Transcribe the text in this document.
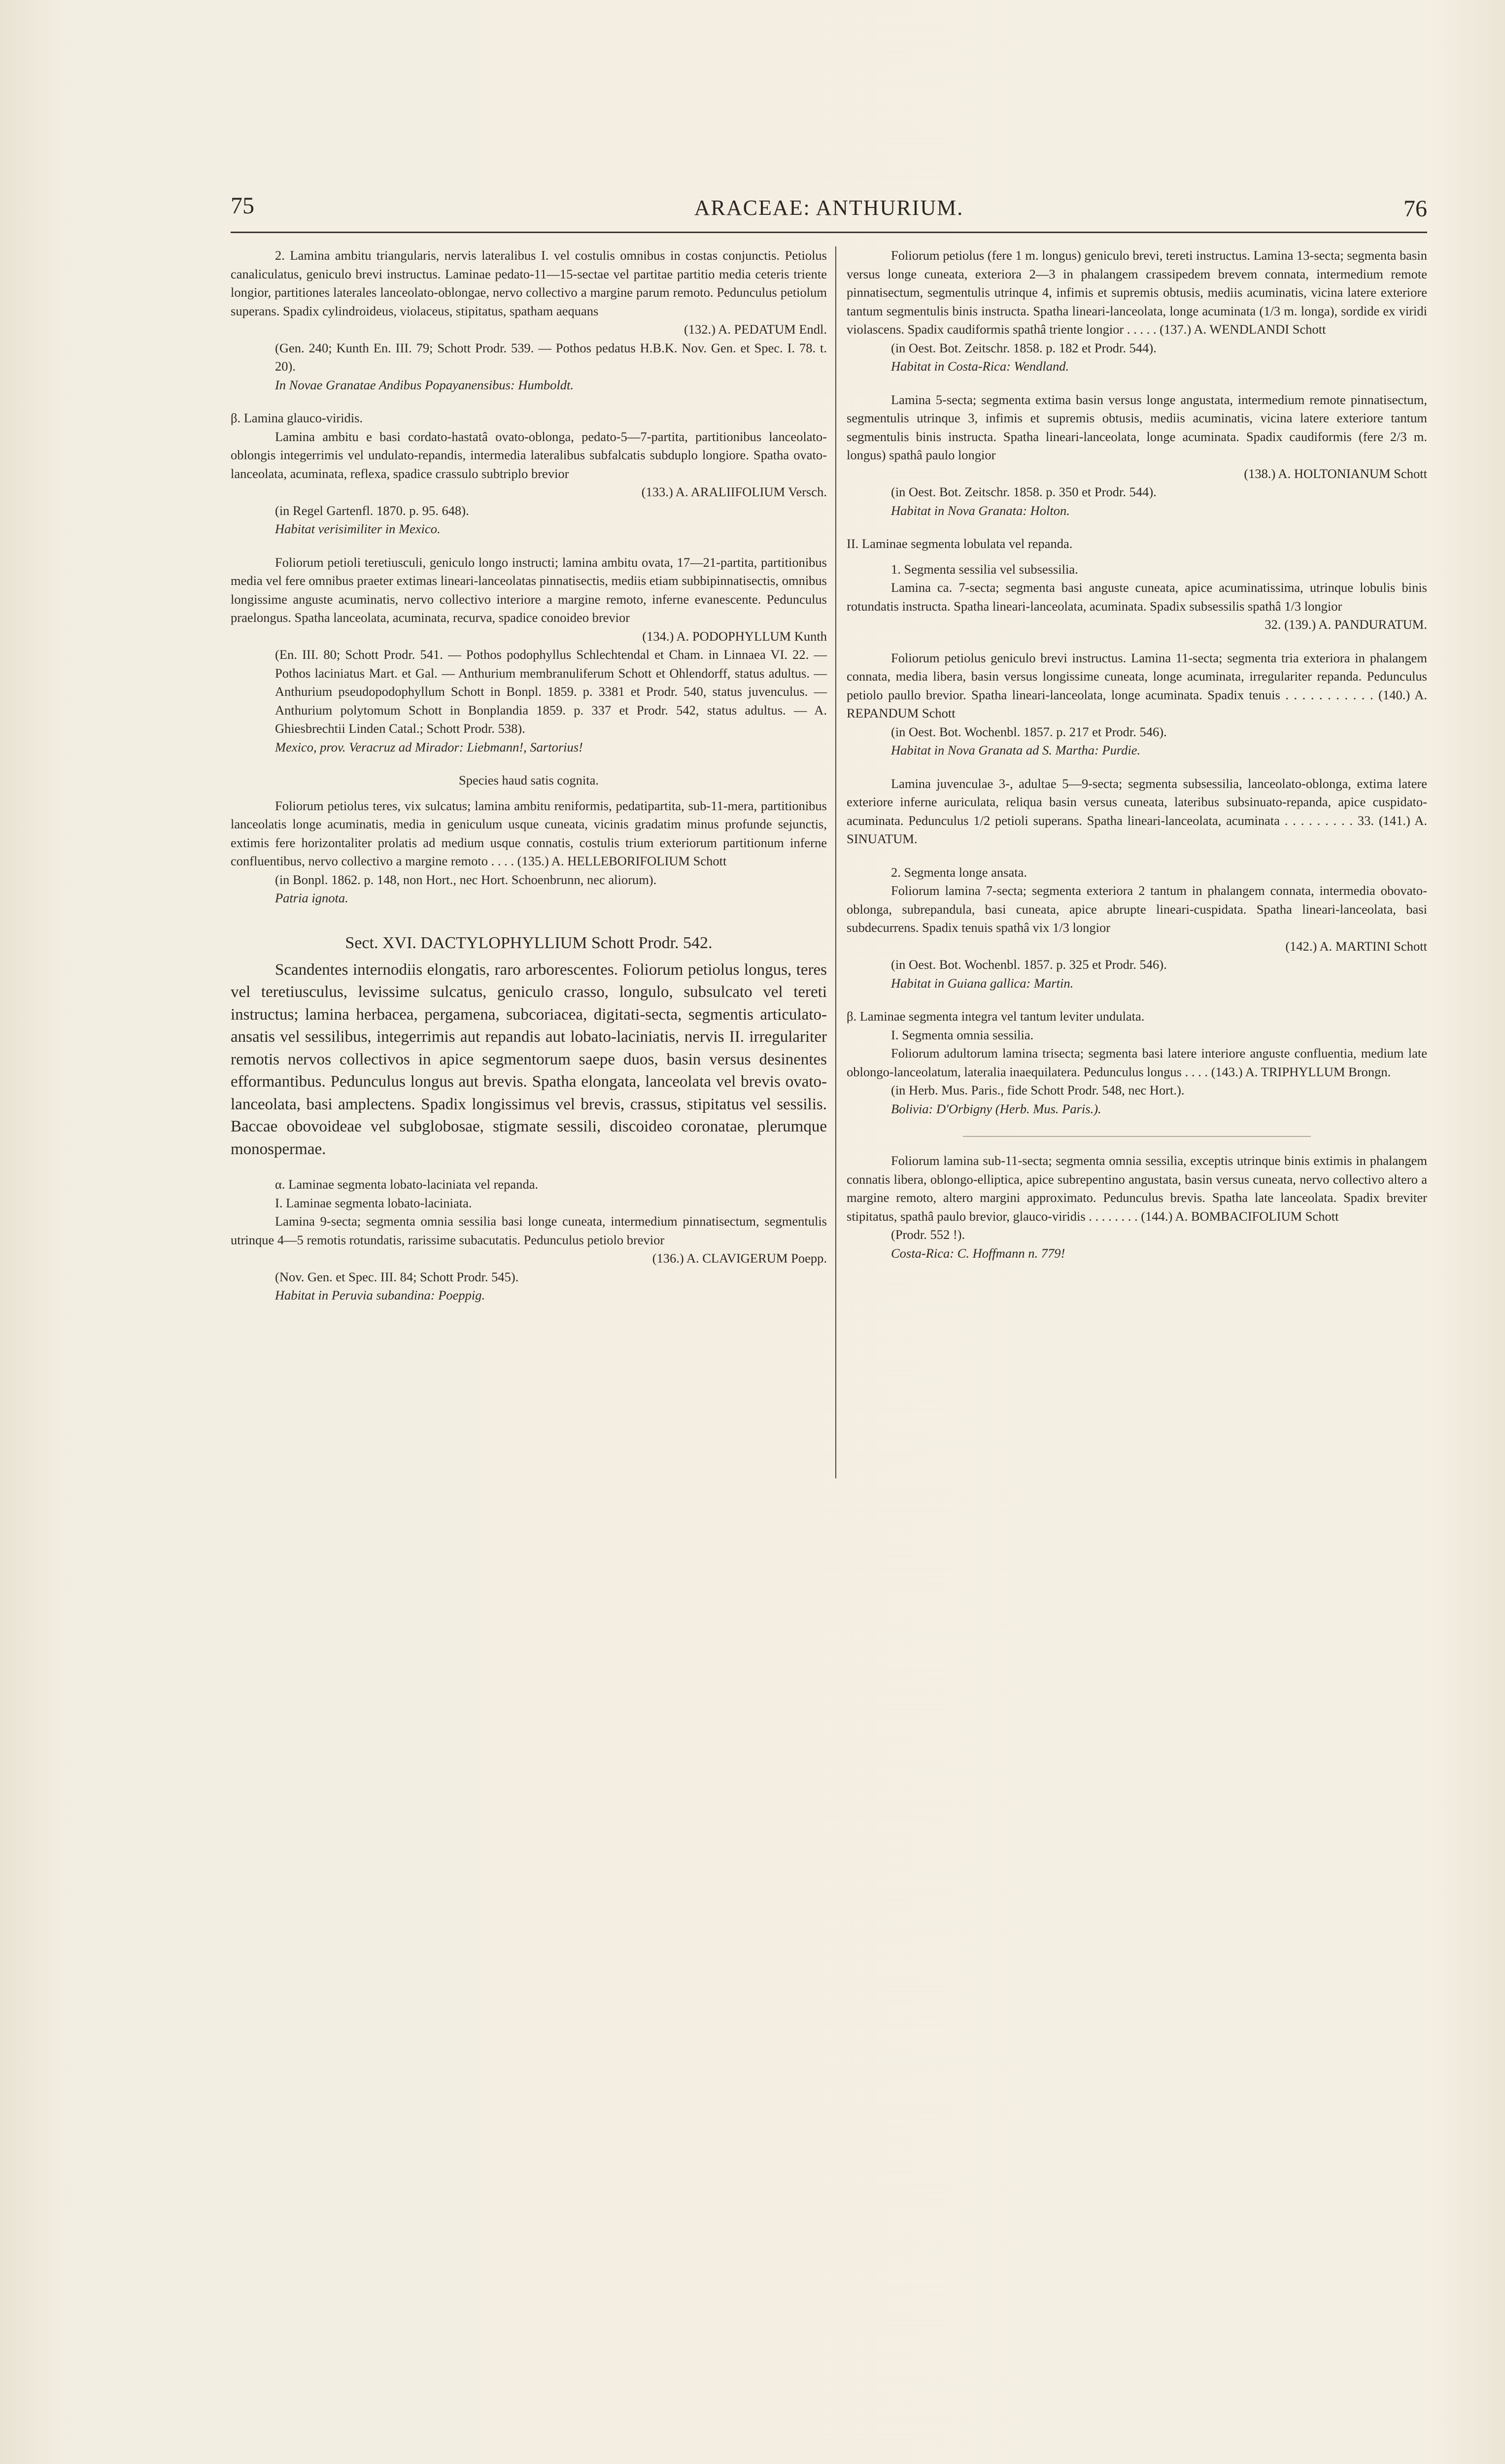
75	ARACEAE: ANTHURIUM.	76

2. Lamina ambitu triangularis, nervis lateralibus I. vel costulis omnibus in costas conjunctis. Petiolus canaliculatus, geniculo brevi instructus. Laminae pedato-11—15-sectae vel partitae partitio media ceteris triente longior, partitiones laterales lanceolato-oblongae, nervo collectivo a margine parum remoto. Pedunculus petiolum superans. Spadix cylindroideus, violaceus, stipitatus, spatham aequans

(132.) A. PEDATUM Endl.

(Gen. 240; Kunth En. III. 79; Schott Prodr. 539. — Pothos pedatus H.B.K. Nov. Gen. et Spec. I. 78. t. 20).

In Novae Granatae Andibus Popayanensibus: Humboldt.

β. Lamina glauco-viridis.

Lamina ambitu e basi cordato-hastatâ ovato-oblonga, pedato-5—7-partita, partitionibus lanceolato-oblongis integerrimis vel undulato-repandis, intermedia lateralibus subfalcatis subduplo longiore. Spatha ovato-lanceolata, acuminata, reflexa, spadice crassulo subtriplo brevior

(133.) A. ARALIIFOLIUM Versch.

(in Regel Gartenfl. 1870. p. 95. 648).

Habitat verisimiliter in Mexico.

Foliorum petioli teretiusculi, geniculo longo instructi; lamina ambitu ovata, 17—21-partita, partitionibus media vel fere omnibus praeter extimas lineari-lanceolatas pinnatisectis, mediis etiam subbipinnatisectis, omnibus longissime anguste acuminatis, nervo collectivo interiore a margine remoto, inferne evanescente. Pedunculus praelongus. Spatha lanceolata, acuminata, recurva, spadice conoideo brevior

(134.) A. PODOPHYLLUM Kunth

(En. III. 80; Schott Prodr. 541. — Pothos podophyllus Schlechtendal et Cham. in Linnaea VI. 22. — Pothos laciniatus Mart. et Gal. — Anthurium membranuliferum Schott et Ohlendorff, status adultus. — Anthurium pseudopodophyllum Schott in Bonpl. 1859. p. 3381 et Prodr. 540, status juvenculus. — Anthurium polytomum Schott in Bonplandia 1859. p. 337 et Prodr. 542, status adultus. — A. Ghiesbrechtii Linden Catal.; Schott Prodr. 538).

Mexico, prov. Veracruz ad Mirador: Liebmann!, Sartorius!

Species haud satis cognita.

Foliorum petiolus teres, vix sulcatus; lamina ambitu reniformis, pedatipartita, sub-11-mera, partitionibus lanceolatis longe acuminatis, media in geniculum usque cuneata, vicinis gradatim minus profunde sejunctis, extimis fere horizontaliter prolatis ad medium usque connatis, costulis trium exteriorum partitionum inferne confluentibus, nervo collectivo a margine remoto . . . . (135.) A. HELLEBORIFOLIUM Schott

(in Bonpl. 1862. p. 148, non Hort., nec Hort. Schoenbrunn, nec aliorum).

Patria ignota.

Sect. XVI. DACTYLOPHYLLIUM Schott Prodr. 542.

Scandentes internodiis elongatis, raro arborescentes. Foliorum petiolus longus, teres vel teretiusculus, levissime sulcatus, geniculo crasso, longulo, subsulcato vel tereti instructus; lamina herbacea, pergamena, subcoriacea, digitati-secta, segmentis articulato-ansatis vel sessilibus, integerrimis aut repandis aut lobato-laciniatis, nervis II. irregulariter remotis nervos collectivos in apice segmentorum saepe duos, basin versus desinentes efformantibus. Pedunculus longus aut brevis. Spatha elongata, lanceolata vel brevis ovato-lanceolata, basi amplectens. Spadix longissimus vel brevis, crassus, stipitatus vel sessilis. Baccae obovoideae vel subglobosae, stigmate sessili, discoideo coronatae, plerumque monospermae.

α. Laminae segmenta lobato-laciniata vel repanda.

I. Laminae segmenta lobato-laciniata.

Lamina 9-secta; segmenta omnia sessilia basi longe cuneata, intermedium pinnatisectum, segmentulis utrinque 4—5 remotis rotundatis, rarissime subacutatis. Pedunculus petiolo brevior

(136.) A. CLAVIGERUM Poepp.

(Nov. Gen. et Spec. III. 84; Schott Prodr. 545).

Habitat in Peruvia subandina: Poeppig.

Foliorum petiolus (fere 1 m. longus) geniculo brevi, tereti instructus. Lamina 13-secta; segmenta basin versus longe cuneata, exteriora 2—3 in phalangem crassipedem brevem connata, intermedium remote pinnatisectum, segmentulis utrinque 4, infimis et supremis obtusis, mediis acuminatis, vicina latere exteriore tantum segmentulis binis instructa. Spatha lineari-lanceolata, longe acuminata (1/3 m. longa), sordide ex viridi violascens. Spadix caudiformis spathâ triente longior . . . . . (137.) A. WENDLANDI Schott

(in Oest. Bot. Zeitschr. 1858. p. 182 et Prodr. 544).

Habitat in Costa-Rica: Wendland.

Lamina 5-secta; segmenta extima basin versus longe angustata, intermedium remote pinnatisectum, segmentulis utrinque 3, infimis et supremis obtusis, mediis acuminatis, vicina latere exteriore tantum segmentulis binis instructa. Spatha lineari-lanceolata, longe acuminata. Spadix caudiformis (fere 2/3 m. longus) spathâ paulo longior

(138.) A. HOLTONIANUM Schott

(in Oest. Bot. Zeitschr. 1858. p. 350 et Prodr. 544).

Habitat in Nova Granata: Holton.

II. Laminae segmenta lobulata vel repanda.

1. Segmenta sessilia vel subsessilia.

Lamina ca. 7-secta; segmenta basi anguste cuneata, apice acuminatissima, utrinque lobulis binis rotundatis instructa. Spatha lineari-lanceolata, acuminata. Spadix subsessilis spathâ 1/3 longior

32. (139.) A. PANDURATUM.

Foliorum petiolus geniculo brevi instructus. Lamina 11-secta; segmenta tria exteriora in phalangem connata, media libera, basin versus longissime cuneata, longe acuminata, irregulariter repanda. Pedunculus petiolo paullo brevior. Spatha lineari-lanceolata, longe acuminata. Spadix tenuis . . . . . . . . . . . (140.) A. REPANDUM Schott

(in Oest. Bot. Wochenbl. 1857. p. 217 et Prodr. 546).

Habitat in Nova Granata ad S. Martha: Purdie.

Lamina juvenculae 3-, adultae 5—9-secta; segmenta subsessilia, lanceolato-oblonga, extima latere exteriore inferne auriculata, reliqua basin versus cuneata, lateribus subsinuato-repanda, apice cuspidato-acuminata. Pedunculus 1/2 petioli superans. Spatha lineari-lanceolata, acuminata . . . . . . . . . 33. (141.) A. SINUATUM.

2. Segmenta longe ansata.

Foliorum lamina 7-secta; segmenta exteriora 2 tantum in phalangem connata, intermedia obovato-oblonga, subrepandula, basi cuneata, apice abrupte lineari-cuspidata. Spatha lineari-lanceolata, basi subdecurrens. Spadix tenuis spathâ vix 1/3 longior

(142.) A. MARTINI Schott

(in Oest. Bot. Wochenbl. 1857. p. 325 et Prodr. 546).

Habitat in Guiana gallica: Martin.

β. Laminae segmenta integra vel tantum leviter undulata.

I. Segmenta omnia sessilia.

Foliorum adultorum lamina trisecta; segmenta basi latere interiore anguste confluentia, medium late oblongo-lanceolatum, lateralia inaequilatera. Pedunculus longus . . . . (143.) A. TRIPHYLLUM Brongn.

(in Herb. Mus. Paris., fide Schott Prodr. 548, nec Hort.).

Bolivia: D'Orbigny (Herb. Mus. Paris.).

Foliorum lamina sub-11-secta; segmenta omnia sessilia, exceptis utrinque binis extimis in phalangem connatis libera, oblongo-elliptica, apice subrepentino angustata, basin versus cuneata, nervo collectivo altero a margine remoto, altero margini approximato. Pedunculus brevis. Spatha late lanceolata. Spadix breviter stipitatus, spathâ paulo brevior, glauco-viridis . . . . . . . . (144.) A. BOMBACIFOLIUM Schott

(Prodr. 552 !).

Costa-Rica: C. Hoffmann n. 779!
